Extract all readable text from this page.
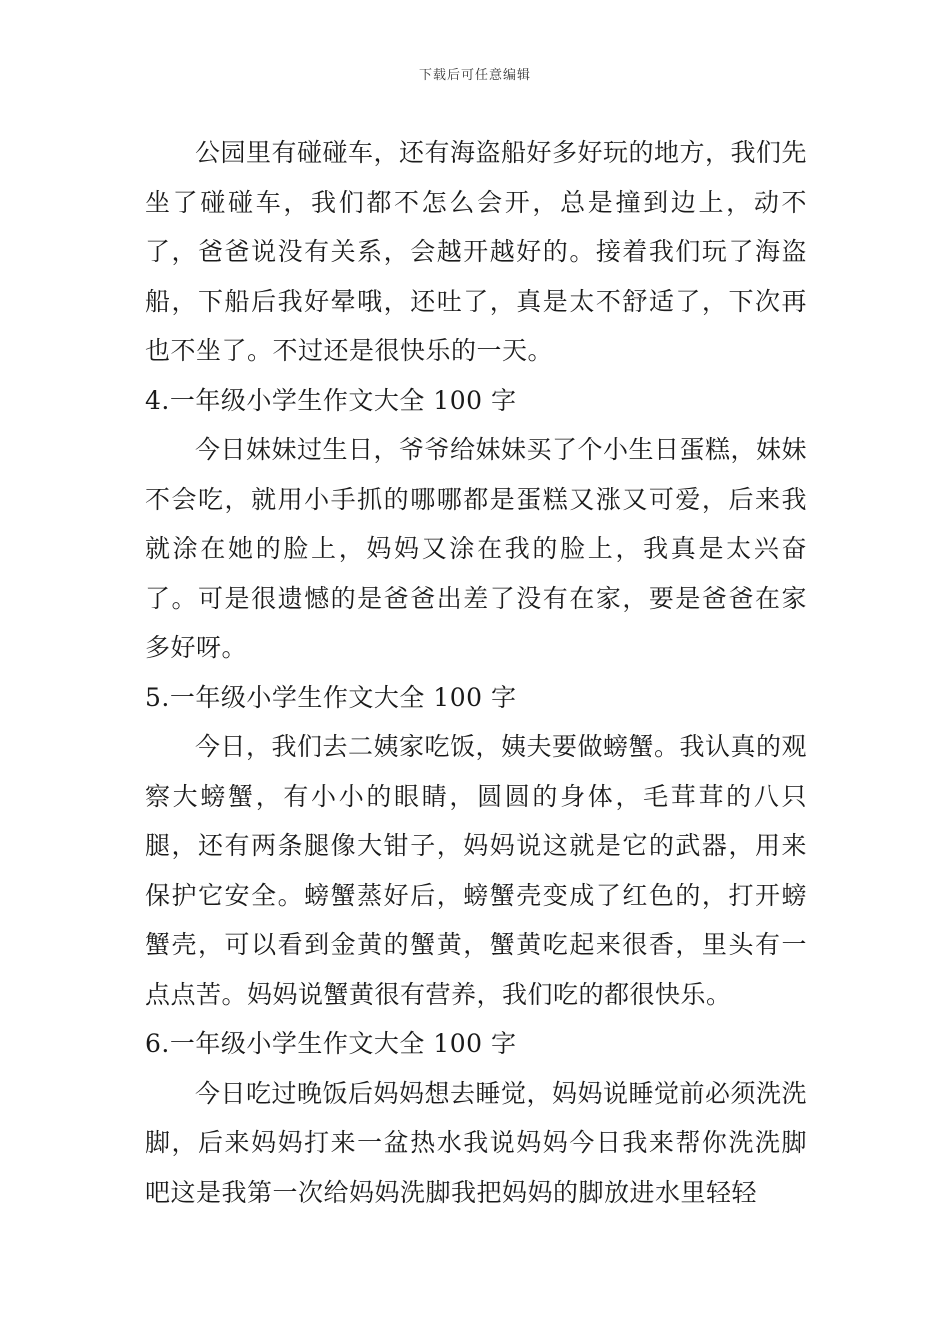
下载后可任意编辑

公园里有碰碰车，还有海盗船好多好玩的地方，我们先坐了碰碰车，我们都不怎么会开，总是撞到边上，动不了，爸爸说没有关系，会越开越好的。接着我们玩了海盗船，下船后我好晕哦，还吐了，真是太不舒适了，下次再也不坐了。不过还是很快乐的一天。

4.一年级小学生作文大全 100 字

今日妹妹过生日，爷爷给妹妹买了个小生日蛋糕，妹妹不会吃，就用小手抓的哪哪都是蛋糕又涨又可爱，后来我就涂在她的脸上，妈妈又涂在我的脸上，我真是太兴奋了。可是很遗憾的是爸爸出差了没有在家，要是爸爸在家多好呀。

5.一年级小学生作文大全 100 字

今日，我们去二姨家吃饭，姨夫要做螃蟹。我认真的观察大螃蟹，有小小的眼睛，圆圆的身体，毛茸茸的八只腿，还有两条腿像大钳子，妈妈说这就是它的武器，用来保护它安全。螃蟹蒸好后，螃蟹壳变成了红色的，打开螃蟹壳，可以看到金黄的蟹黄，蟹黄吃起来很香，里头有一点点苦。妈妈说蟹黄很有营养，我们吃的都很快乐。

6.一年级小学生作文大全 100 字

今日吃过晚饭后妈妈想去睡觉，妈妈说睡觉前必须洗洗脚，后来妈妈打来一盆热水我说妈妈今日我来帮你洗洗脚吧这是我第一次给妈妈洗脚我把妈妈的脚放进水里轻轻
